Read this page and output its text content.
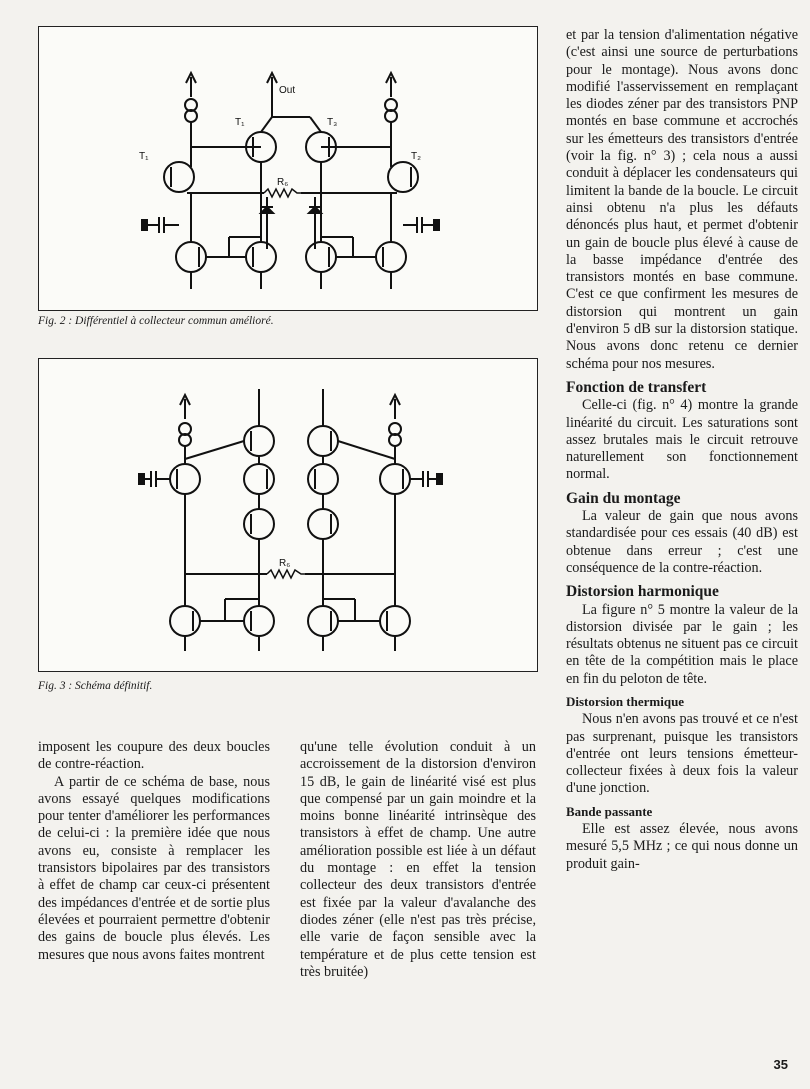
Out
T₁
T₁	T₃
T₂
R₆
Fig. 2 : Différentiel à collecteur commun amélioré.
R₆
Fig. 3 : Schéma définitif.

imposent les coupure des deux boucles de contre-réaction.

A partir de ce schéma de base, nous avons essayé quelques modifications pour tenter d'améliorer les performances de celui-ci : la première idée que nous avons eu, consiste à remplacer les transistors bipolaires par des transistors à effet de champ car ceux-ci présentent des impédances d'entrée et de sortie plus élevées et pourraient permettre d'obtenir des gains de boucle plus élevés. Les mesures que nous avons faites montrent

qu'une telle évolution conduit à un accroissement de la distorsion d'environ 15 dB, le gain de linéarité visé est plus que compensé par un gain moindre et la moins bonne linéarité intrinsèque des transistors à effet de champ. Une autre amélioration possible est liée à un défaut du montage : en effet la tension collecteur des deux transistors d'entrée est fixée par la valeur d'avalanche des diodes zéner (elle n'est pas très précise, elle varie de façon sensible avec la température et de plus cette tension est très bruitée)

et par la tension d'alimentation négative (c'est ainsi une source de perturbations pour le montage). Nous avons donc modifié l'asservissement en remplaçant les diodes zéner par des transistors PNP montés en base commune et accrochés sur les émetteurs des transistors d'entrée (voir la fig. n° 3) ; cela nous a aussi conduit à déplacer les condensateurs qui limitent la bande de la boucle. Le circuit ainsi obtenu n'a plus les défauts dénoncés plus haut, et permet d'obtenir un gain de boucle plus élevé à cause de la basse impédance d'entrée des transistors montés en base commune. C'est ce que confirment les mesures de distorsion qui montrent un gain d'environ 5 dB sur la distorsion statique. Nous avons donc retenu ce dernier schéma pour nos mesures.

Fonction de transfert

Celle-ci (fig. n° 4) montre la grande linéarité du circuit. Les saturations sont assez brutales mais le circuit retrouve naturellement son fonctionnement normal.

Gain du montage

La valeur de gain que nous avons standardisée pour ces essais (40 dB) est obtenue dans erreur ; c'est une conséquence de la contre-réaction.

Distorsion harmonique

La figure n° 5 montre la valeur de la distorsion divisée par le gain ; les résultats obtenus ne situent pas ce circuit en tête de la compétition mais le place en fin du peloton de tête.

Distorsion thermique

Nous n'en avons pas trouvé et ce n'est pas surprenant, puisque les transistors d'entrée ont leurs tensions émetteur-collecteur fixées à deux fois la valeur d'une jonction.

Bande passante

Elle est assez élevée, nous avons mesuré 5,5 MHz ; ce qui nous donne un produit gain-

35
